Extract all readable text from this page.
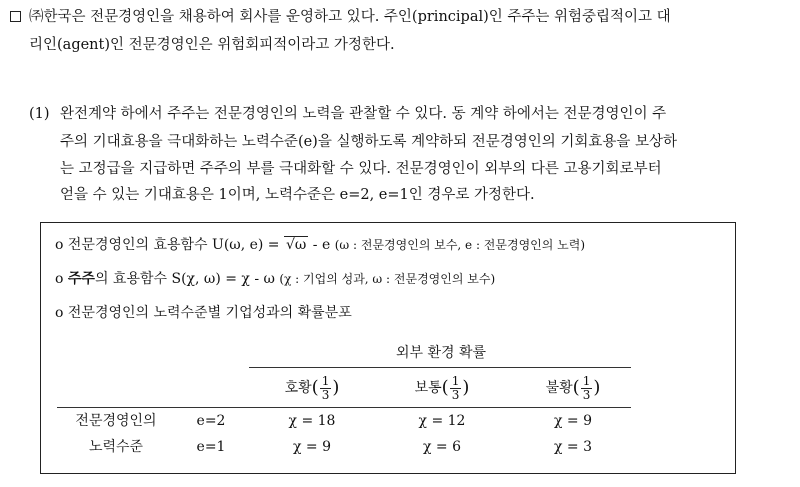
㈜한국은 전문경영인을 채용하여 회사를 운영하고 있다. 주인(principal)인 주주는 위험중립적이고 대
리인(agent)인 전문경영인은 위험회피적이라고 가정한다.
(1) 완전계약 하에서 주주는 전문경영인의 노력을 관찰할 수 있다. 동 계약 하에서는 전문경영인이 주
주의 기대효용을 극대화하는 노력수준(e)을 실행하도록 계약하되 전문경영인의 기회효용을 보상하
는 고정급을 지급하면 주주의 부를 극대화할 수 있다. 전문경영인이 외부의 다른 고용기회로부터
얻을 수 있는 기대효용은 1이며, 노력수준은 e=2, e=1인 경우로 가정한다.
o 전문경영인의 효용함수 U(ω, e) = √ω - e (ω : 전문경영인의 보수, e : 전문경영인의 노력)
o 주주의 효용함수 S(χ, ω) = χ - ω (χ : 기업의 성과, ω : 전문경영인의 보수)
o 전문경영인의 노력수준별 기업성과의 확률분포
외부 환경 확률
호황( $\frac{1}{3}$ )	보통( $\frac{1}{3}$ )	불황( $\frac{1}{3}$ )
전문경영인의
노력수준
e=2	χ = 18	χ = 12	χ = 9
e=1	χ = 9	χ = 6	χ = 3
